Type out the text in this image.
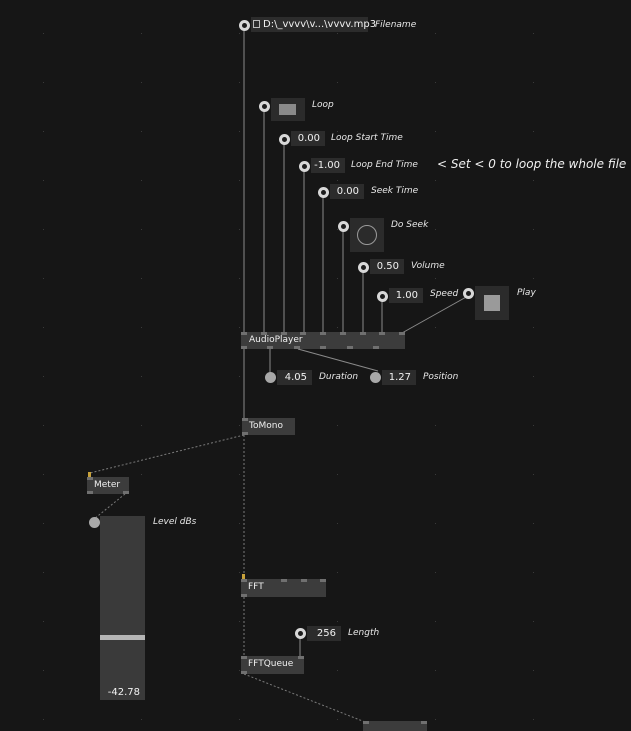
D:\_vvvv\v...\vvvv.mp3
Filename
Loop
0.00	Loop Start Time
-1.00	Loop End Time < Set < 0 to loop the whole file
0.00	Seek Time
Do Seek
0.50	Volume
1.00	Speed	Play
AudioPlayer
4.05	Duration	1.27	Position
ToMono
Meter
-42.78
Level dBs
FFT
256	Length
FFTQueue
